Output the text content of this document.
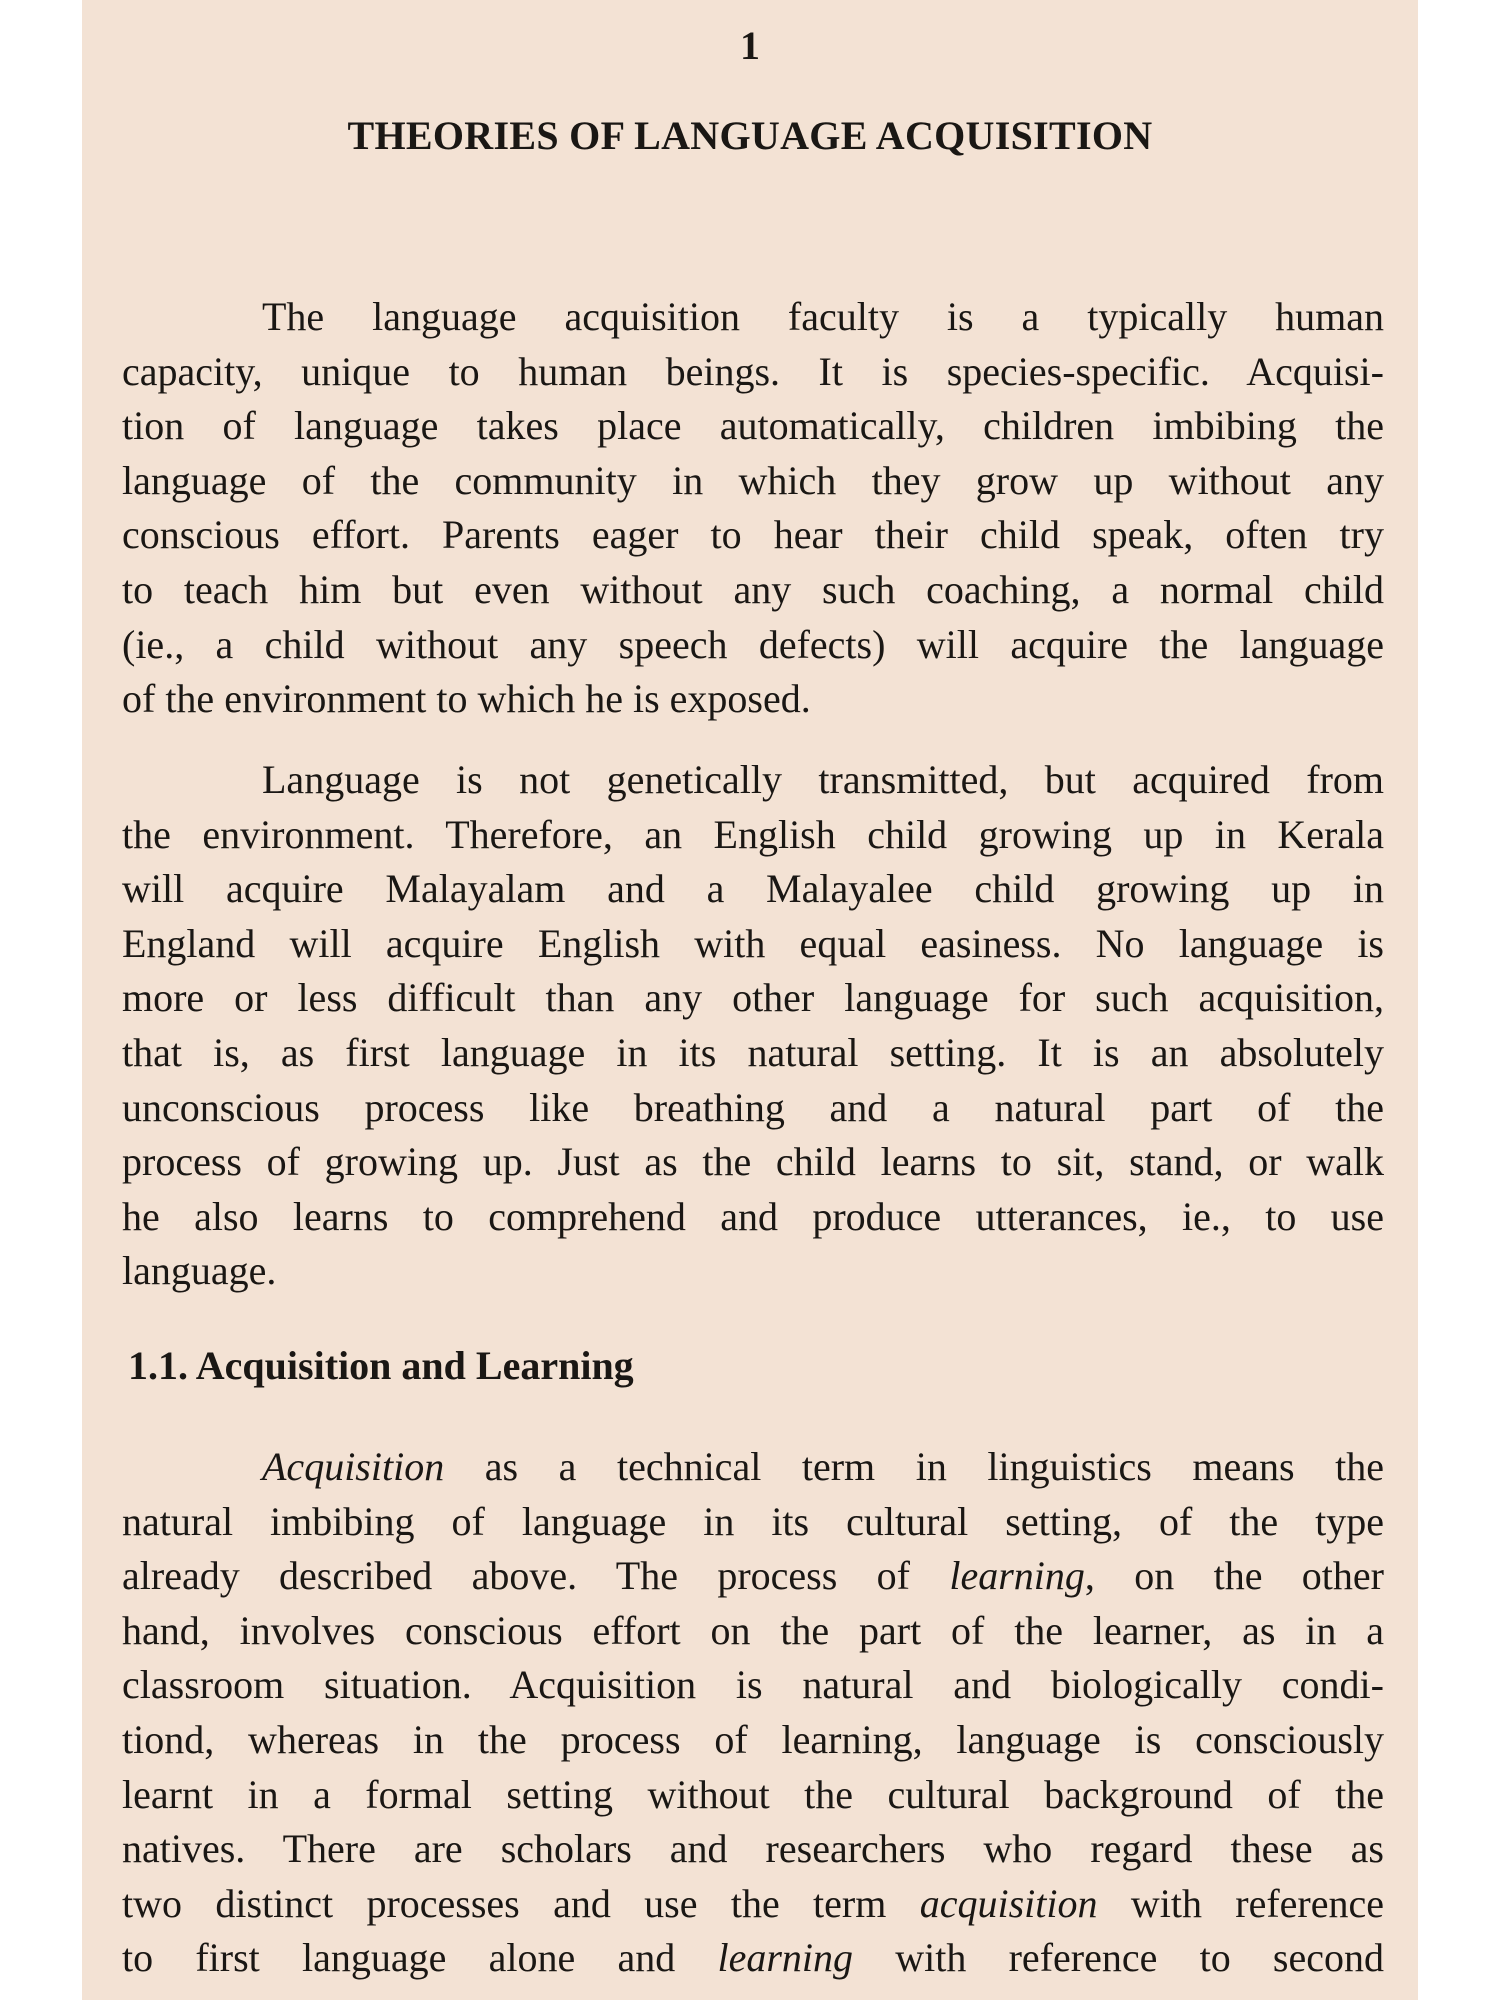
1
THEORIES OF LANGUAGE ACQUISITION

The language acquisition faculty is a typically human
capacity, unique to human beings. It is species-specific. Acquisi-
tion of language takes place automatically, children imbibing the
language of the community in which they grow up without any
conscious effort. Parents eager to hear their child speak, often try
to teach him but even without any such coaching, a normal child
(ie., a child without any speech defects) will acquire the language
of the environment to which he is exposed.

Language is not genetically transmitted, but acquired from
the environment. Therefore, an English child growing up in Kerala
will acquire Malayalam and a Malayalee child growing up in
England will acquire English with equal easiness. No language is
more or less difficult than any other language for such acquisition,
that is, as first language in its natural setting. It is an absolutely
unconscious process like breathing and a natural part of the
process of growing up. Just as the child learns to sit, stand, or walk
he also learns to comprehend and produce utterances, ie., to use
language.

1.1. Acquisition and Learning

Acquisition as a technical term in linguistics means the
natural imbibing of language in its cultural setting, of the type
already described above. The process of learning, on the other
hand, involves conscious effort on the part of the learner, as in a
classroom situation. Acquisition is natural and biologically condi-
tiond, whereas in the process of learning, language is consciously
learnt in a formal setting without the cultural background of the
natives. There are scholars and researchers who regard these as
two distinct processes and use the term acquisition with reference
to first language alone and learning with reference to second
